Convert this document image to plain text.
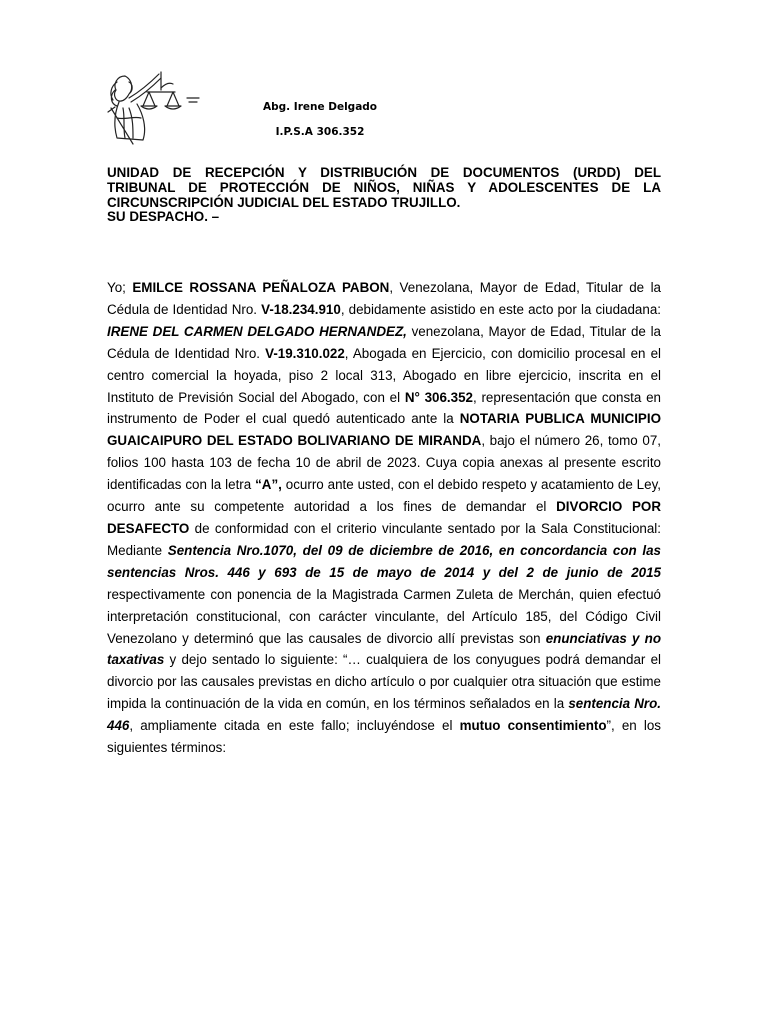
Abg. Irene Delgado
I.P.S.A 306.352
UNIDAD DE RECEPCIÓN Y DISTRIBUCIÓN DE DOCUMENTOS (URDD) DEL
TRIBUNAL DE PROTECCIÓN DE NIÑOS, NIÑAS Y ADOLESCENTES DE LA
CIRCUNSCRIPCIÓN JUDICIAL DEL ESTADO TRUJILLO.
SU DESPACHO. –
Yo; EMILCE ROSSANA PEÑALOZA PABON, Venezolana, Mayor de Edad, Titular de la Cédula de Identidad Nro. V-18.234.910, debidamente asistido en este acto por la ciudadana: IRENE DEL CARMEN DELGADO HERNANDEZ, venezolana, Mayor de Edad, Titular de la Cédula de Identidad Nro. V-19.310.022, Abogada en Ejercicio, con domicilio procesal en el centro comercial la hoyada, piso 2 local 313, Abogado en libre ejercicio, inscrita en el Instituto de Previsión Social del Abogado, con el N° 306.352, representación que consta en instrumento de Poder el cual quedó autenticado ante la NOTARIA PUBLICA MUNICIPIO GUAICAIPURO DEL ESTADO BOLIVARIANO DE MIRANDA, bajo el número 26, tomo 07, folios 100 hasta 103 de fecha 10 de abril de 2023. Cuya copia anexas al presente escrito identificadas con la letra “A”, ocurro ante usted, con el debido respeto y acatamiento de Ley, ocurro ante su competente autoridad a los fines de demandar el DIVORCIO POR DESAFECTO de conformidad con el criterio vinculante sentado por la Sala Constitucional: Mediante Sentencia Nro.1070, del 09 de diciembre de 2016, en concordancia con las sentencias Nros. 446 y 693 de 15 de mayo de 2014 y del 2 de junio de 2015 respectivamente con ponencia de la Magistrada Carmen Zuleta de Merchán, quien efectuó interpretación constitucional, con carácter vinculante, del Artículo 185, del Código Civil Venezolano y determinó que las causales de divorcio allí previstas son enunciativas y no taxativas y dejo sentado lo siguiente: “… cualquiera de los conyugues podrá demandar el divorcio por las causales previstas en dicho artículo o por cualquier otra situación que estime impida la continuación de la vida en común, en los términos señalados en la sentencia Nro. 446, ampliamente citada en este fallo; incluyéndose el mutuo consentimiento”, en los siguientes términos:
